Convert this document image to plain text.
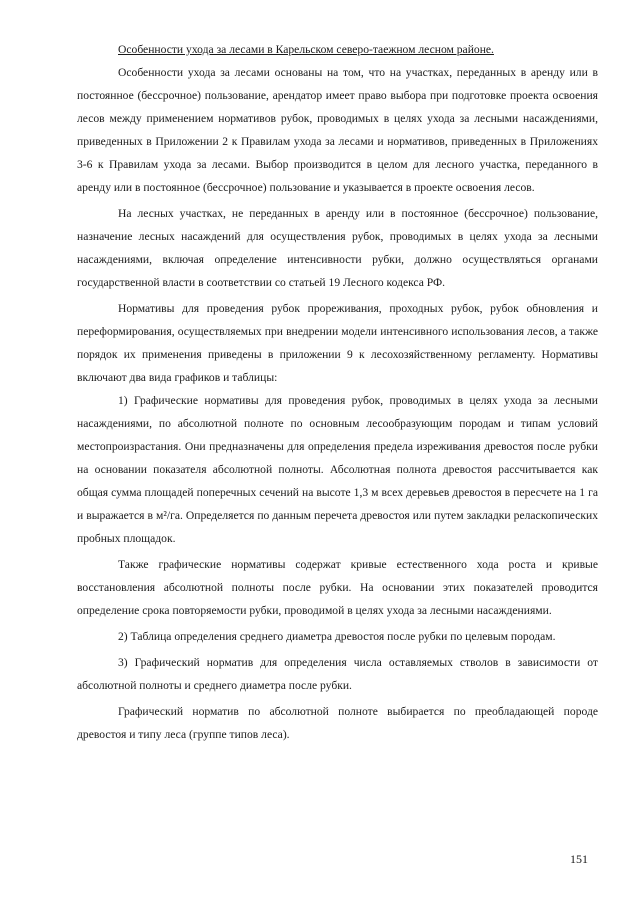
Особенности ухода за лесами в Карельском северо-таежном лесном районе.

Особенности ухода за лесами основаны на том, что на участках, переданных в аренду или в постоянное (бессрочное) пользование, арендатор имеет право выбора при подготовке проекта освоения лесов между применением нормативов рубок, проводимых в целях ухода за лесными насаждениями, приведенных в Приложении 2 к Правилам ухода за лесами и нормативов, приведенных в Приложениях 3-6 к Правилам ухода за лесами. Выбор производится в целом для лесного участка, переданного в аренду или в постоянное (бессрочное) пользование и указывается в проекте освоения лесов.

На лесных участках, не переданных в аренду или в постоянное (бессрочное) пользование, назначение лесных насаждений для осуществления рубок, проводимых в целях ухода за лесными насаждениями, включая определение интенсивности рубки, должно осуществляться органами государственной власти в соответствии со статьей 19 Лесного кодекса РФ.

Нормативы для проведения рубок прореживания, проходных рубок, рубок обновления и переформирования, осуществляемых при внедрении модели интенсивного использования лесов, а также порядок их применения приведены в приложении 9 к лесохозяйственному регламенту. Нормативы включают два вида графиков и таблицы:

1) Графические нормативы для проведения рубок, проводимых в целях ухода за лесными насаждениями, по абсолютной полноте по основным лесообразующим породам и типам условий местопроизрастания. Они предназначены для определения предела изреживания древостоя после рубки на основании показателя абсолютной полноты. Абсолютная полнота древостоя рассчитывается как общая сумма площадей поперечных сечений на высоте 1,3 м всех деревьев древостоя в пересчете на 1 га и выражается в м²/га. Определяется по данным перечета древостоя или путем закладки реласкопических пробных площадок.

Также графические нормативы содержат кривые естественного хода роста и кривые восстановления абсолютной полноты после рубки. На основании этих показателей проводится определение срока повторяемости рубки, проводимой в целях ухода за лесными насаждениями.

2) Таблица определения среднего диаметра древостоя после рубки по целевым породам.

3) Графический норматив для определения числа оставляемых стволов в зависимости от абсолютной полноты и среднего диаметра после рубки.

Графический норматив по абсолютной полноте выбирается по преобладающей породе древостоя и типу леса (группе типов леса).

151
